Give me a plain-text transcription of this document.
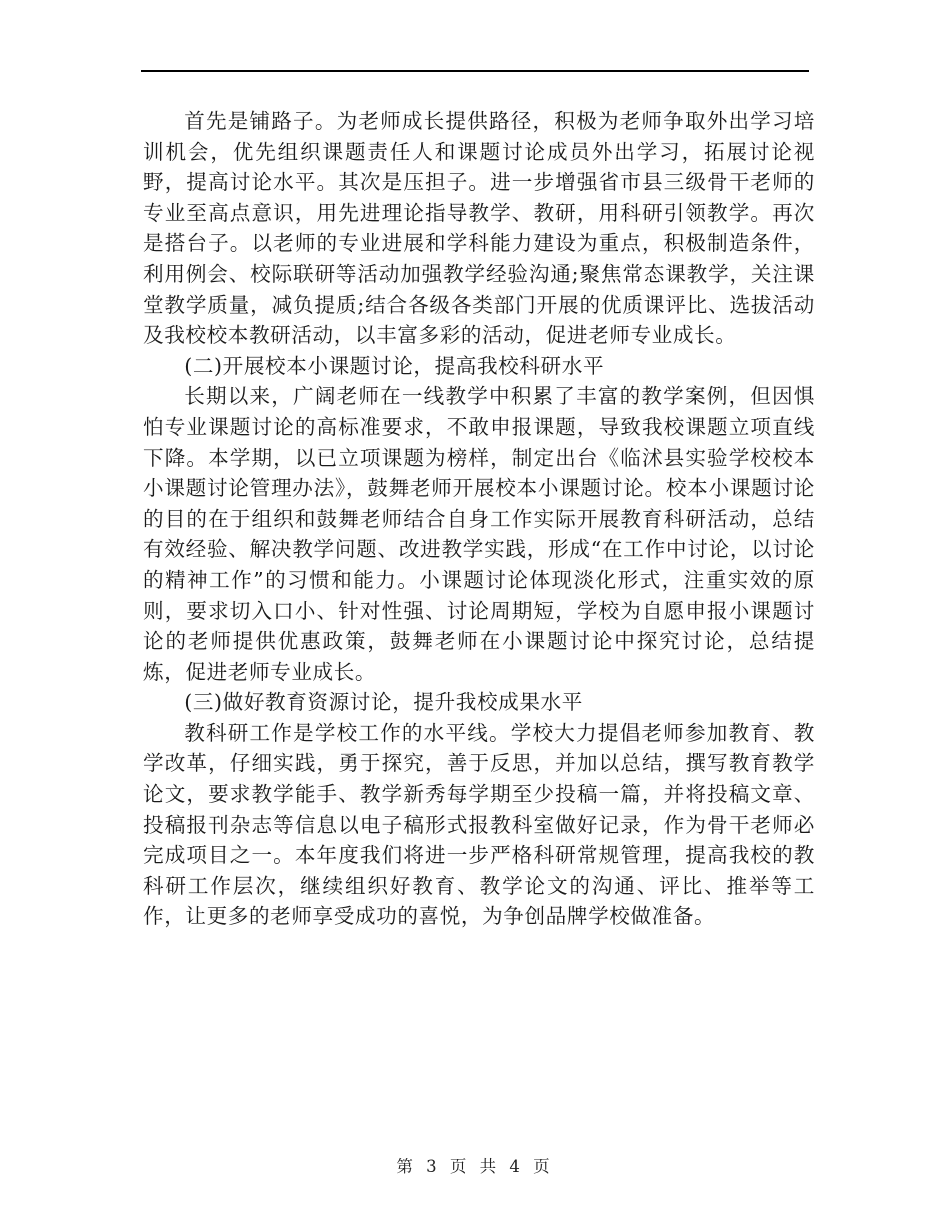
首先是铺路子。为老师成长提供路径，积极为老师争取外出学习培训机会，优先组织课题责任人和课题讨论成员外出学习，拓展讨论视野，提高讨论水平。其次是压担子。进一步增强省市县三级骨干老师的专业至高点意识，用先进理论指导教学、教研，用科研引领教学。再次是搭台子。以老师的专业进展和学科能力建设为重点，积极制造条件，利用例会、校际联研等活动加强教学经验沟通;聚焦常态课教学，关注课堂教学质量，减负提质;结合各级各类部门开展的优质课评比、选拔活动及我校校本教研活动，以丰富多彩的活动，促进老师专业成长。

(二)开展校本小课题讨论，提高我校科研水平

长期以来，广阔老师在一线教学中积累了丰富的教学案例，但因惧怕专业课题讨论的高标准要求，不敢申报课题，导致我校课题立项直线下降。本学期，以已立项课题为榜样，制定出台《临沭县实验学校校本小课题讨论管理办法》，鼓舞老师开展校本小课题讨论。校本小课题讨论的目的在于组织和鼓舞老师结合自身工作实际开展教育科研活动，总结有效经验、解决教学问题、改进教学实践，形成“在工作中讨论，以讨论的精神工作”的习惯和能力。小课题讨论体现淡化形式，注重实效的原则，要求切入口小、针对性强、讨论周期短，学校为自愿申报小课题讨论的老师提供优惠政策，鼓舞老师在小课题讨论中探究讨论，总结提炼，促进老师专业成长。

(三)做好教育资源讨论，提升我校成果水平

教科研工作是学校工作的水平线。学校大力提倡老师参加教育、教学改革，仔细实践，勇于探究，善于反思，并加以总结，撰写教育教学论文，要求教学能手、教学新秀每学期至少投稿一篇，并将投稿文章、投稿报刊杂志等信息以电子稿形式报教科室做好记录，作为骨干老师必完成项目之一。本年度我们将进一步严格科研常规管理，提高我校的教科研工作层次，继续组织好教育、教学论文的沟通、评比、推举等工作，让更多的老师享受成功的喜悦，为争创品牌学校做准备。

第 3 页 共 4 页
